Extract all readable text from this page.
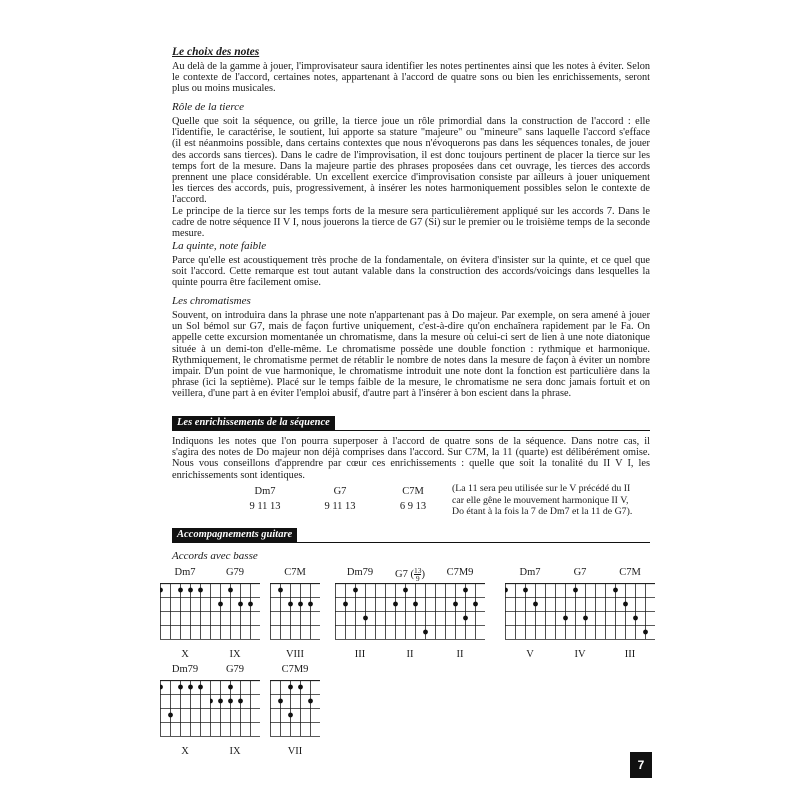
Le choix des notes
Au delà de la gamme à jouer, l'improvisateur saura identifier les notes pertinentes ainsi que les notes à éviter. Selon
le contexte de l'accord, certaines notes, appartenant à l'accord de quatre sons ou bien les enrichissements, seront
plus ou moins musicales.
Rôle de la tierce
Quelle que soit la séquence, ou grille, la tierce joue un rôle primordial dans la construction de l'accord : elle
l'identifie, le caractérise, le soutient, lui apporte sa stature "majeure" ou "mineure" sans laquelle l'accord s'efface
(il est néanmoins possible, dans certains contextes que nous n'évoquerons pas dans les séquences tonales, de jouer
des accords sans tierces). Dans le cadre de l'improvisation, il est donc toujours pertinent de placer la tierce sur les
temps fort de la mesure. Dans la majeure partie des phrases proposées dans cet ouvrage, les tierces des accords
prennent une place considérable. Un excellent exercice d'improvisation consiste par ailleurs à jouer uniquement
les tierces des accords, puis, progressivement, à insérer les notes harmoniquement possibles selon le contexte de
l'accord.
Le principe de la tierce sur les temps forts de la mesure sera particulièrement appliqué sur les accords 7. Dans le
cadre de notre séquence II V I, nous jouerons la tierce de G7 (Si) sur le premier ou le troisième temps de la seconde
mesure.
La quinte, note faible
Parce qu'elle est acoustiquement très proche de la fondamentale, on évitera d'insister sur la quinte, et ce quel que
soit l'accord. Cette remarque est tout autant valable dans la construction des accords/voicings dans lesquelles la
quinte pourra être facilement omise.
Les chromatismes
Souvent, on introduira dans la phrase une note n'appartenant pas à Do majeur. Par exemple, on sera amené à jouer
un Sol bémol sur G7, mais de façon furtive uniquement, c'est-à-dire qu'on enchaînera rapidement par le Fa. On
appelle cette excursion momentanée un chromatisme, dans la mesure où celui-ci sert de lien à une note diatonique
située à un demi-ton d'elle-même. Le chromatisme possède une double fonction : rythmique et harmonique.
Rythmiquement, le chromatisme permet de rétablir le nombre de notes dans la mesure de façon à éviter un nombre
impair. D'un point de vue harmonique, le chromatisme introduit une note dont la fonction est particulière dans la
phrase (ici la septième). Placé sur le temps faible de la mesure, le chromatisme ne sera donc jamais fortuit et on
veillera, d'une part à en éviter l'emploi abusif, d'autre part à l'insérer à bon escient dans la phrase.
Les enrichissements de la séquence
Indiquons les notes que l'on pourra superposer à l'accord de quatre sons de la séquence. Dans notre cas, il
s'agira des notes de Do majeur non déjà comprises dans l'accord. Sur C7M, la 11 (quarte) est délibérément omise.
Nous vous conseillons d'apprendre par cœur ces enrichissements : quelle que soit la tonalité du II V I, les
enrichissements sont identiques.
Dm7
9 11 13
G7
9 11 13
C7M
6 9 13
(La 11 sera peu utilisée sur le V précédé du II
car elle gêne le mouvement harmonique II V,
Do étant à la fois la 7 de Dm7 et la 11 de G7).
Accompagnements guitare
Accords avec basse
Dm7
X
G79
IX
C7M
VIII
Dm79
III
G7 ( $\frac{13}{9}$ )
II
C7M9
II
Dm7
V
G7
IV
C7M
III
Dm79
X
G79
IX
C7M9
VII
7
